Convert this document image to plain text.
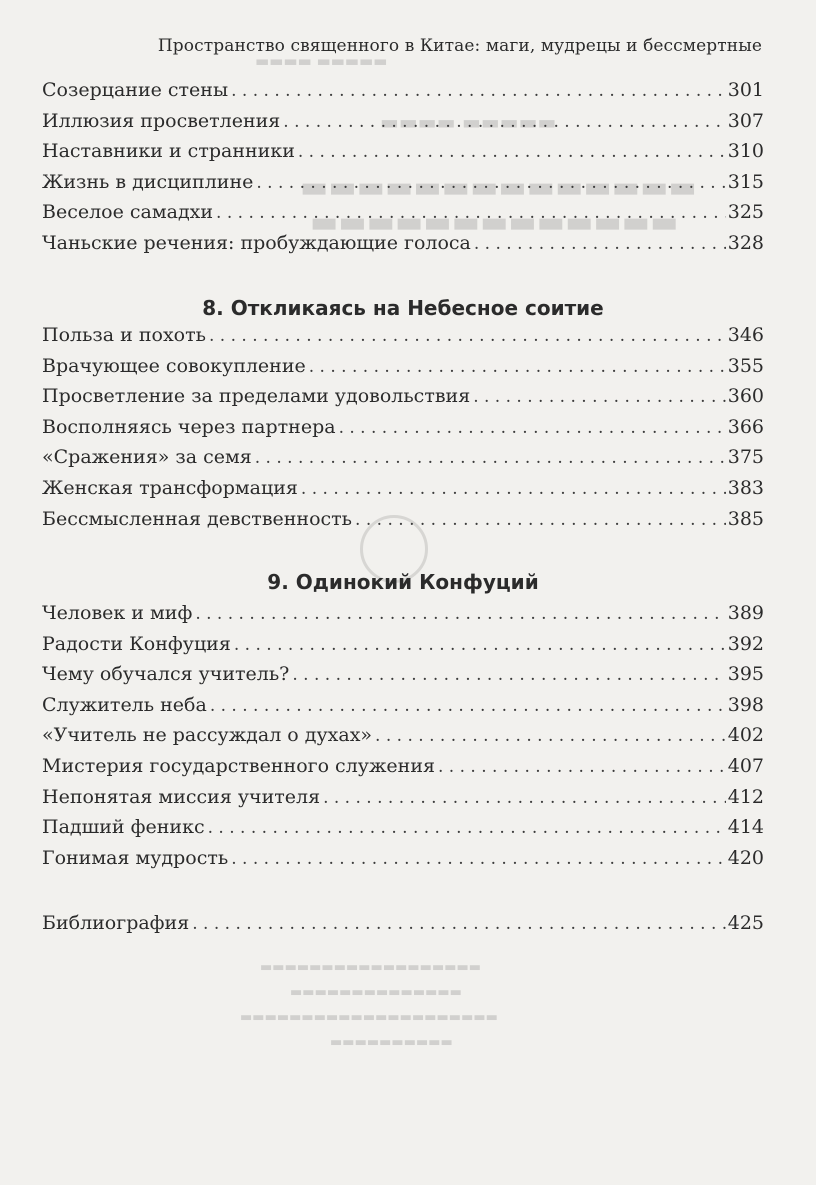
▬▬▬▬ ▬▬▬▬▬
▬▬▬▬ ▬▬▬▬▬
▬▬▬▬▬▬▬▬▬▬▬▬▬▬
▬▬▬▬▬▬▬▬▬▬▬▬▬
▬▬▬▬▬▬▬▬▬▬▬▬▬▬▬▬▬▬
▬▬▬▬▬▬▬▬▬▬▬▬▬▬
▬▬▬▬▬▬▬▬▬▬▬▬▬▬▬▬▬▬▬▬▬
▬▬▬▬▬▬▬▬▬▬
Пространство священного в Китае: маги, мудрецы и бессмертные
Созерцание стены . . .	301
Иллюзия просветления . . .	307
Наставники и странники . . .	310
Жизнь в дисциплине . . .	315
Веселое самадхи . . .	325
Чаньские речения: пробуждающие голоса . . .	328
8. Откликаясь на Небесное соитие
Польза и похоть . . .	346
Врачующее совокупление . . .	355
Просветление за пределами удовольствия . . .	360
Восполняясь через партнера . . .	366
«Сражения» за семя . . .	375
Женская трансформация . . .	383
Бессмысленная девственность . . .	385
9. Одинокий Конфуций
Человек и миф . . .	389
Радости Конфуция . . .	392
Чему обучался учитель? . . .	395
Служитель неба . . .	398
«Учитель не рассуждал о духах» . . .	402
Мистерия государственного служения . . .	407
Непонятая миссия учителя . . .	412
Падший феникс . . .	414
Гонимая мудрость . . .	420
Библиография . . .	425
